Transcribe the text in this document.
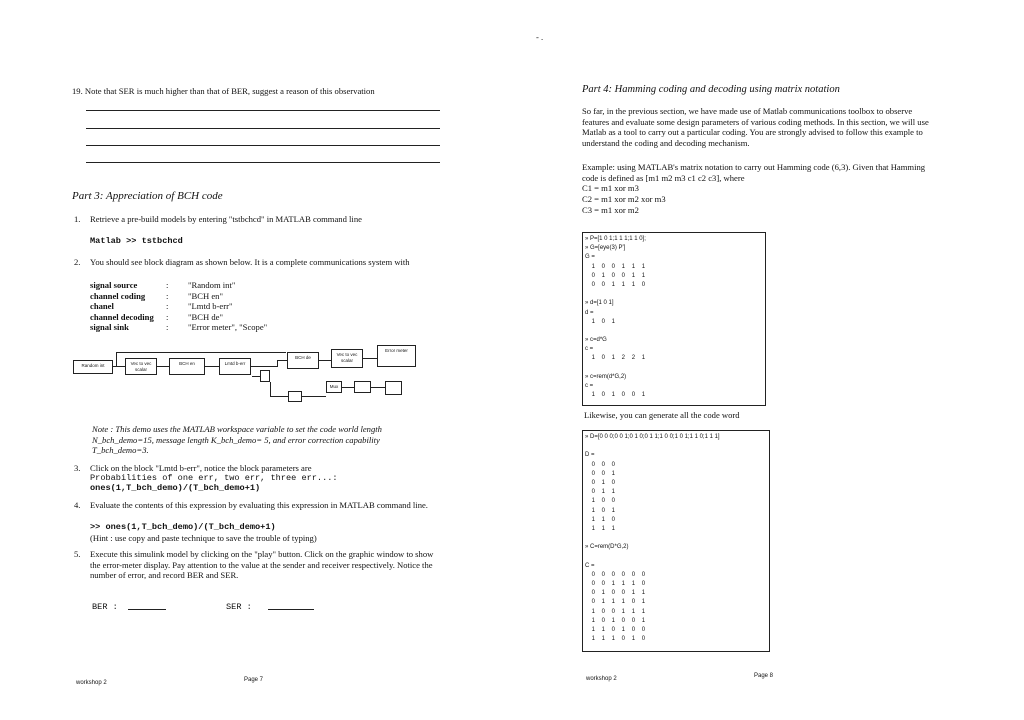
- .
19. Note that SER is much higher than that of BER, suggest a reason of this observation
Part 3: Appreciation of BCH code
1. Retrieve a pre-build models by entering "tstbchcd" in MATLAB command line
Matlab >> tstbchcd
2. You should see block diagram as shown below. It is a complete communications system with
signal source	:	"Random int"
channel coding	:	"BCH en"
chanel	:	"Lmtd b-err"
channel decoding	:	"BCH de"
signal sink	:	"Error meter", "Scope"
Random int	Vec to vec scalar
BCH en	Lmtd b-err
BCH de
Vec to vec scalar
Error meter
Mux
Note : This demo uses the MATLAB workspace variable to set the code world length N_bch_demo=15, message length K_bch_demo= 5, and error correction capability T_bch_demo=3.
3. Click on the block "Lmtd b-err", notice the block parameters are
Probabilities of one err, two err, three err...:
ones(1,T_bch_demo)/(T_bch_demo+1)
4. Evaluate the contents of this expression by evaluating this expression in MATLAB command line.
>> ones(1,T_bch_demo)/(T_bch_demo+1)
(Hint : use copy and paste technique to save the trouble of typing)
5. Execute this simulink model by clicking on the "play" button. Click on the graphic window to show the error-meter display. Pay attention to the value at the sender and receiver respectively. Notice the number of error, and record BER and SER.
BER :	SER :
workshop 2	Page 7
Part 4: Hamming coding and decoding using matrix notation
So far, in the previous section, we have made use of Matlab communications toolbox to observe features and evaluate some design parameters of various coding methods. In this section, we will use Matlab as a tool to carry out a particular coding. You are strongly advised to follow this example to understand the coding and decoding mechanism.
Example: using MATLAB's matrix notation to carry out Hamming code (6,3). Given that Hamming code is defined as [m1 m2 m3 c1 c2 c3], where
C1 = m1 xor m3
C2 = m1 xor m2 xor m3
C3 = m1 xor m2
» P=[1 0 1;1 1 1;1 1 0];
» G=[eye(3) P']
G =
1    0    0    1    1    1
0    1    0    0    1    1
0    0    1    1    1    0
» d=[1 0 1]
d =
1    0    1
» c=d*G
c =
1    0    1    2    2    1
» c=rem(d*G,2)
c =
1    0    1    0    0    1
Likewise, you can generate all the code word
» D=[0 0 0;0 0 1;0 1 0;0 1 1;1 0 0;1 0 1;1 1 0;1 1 1]
D =
0    0    0
0    0    1
0    1    0
0    1    1
1    0    0
1    0    1
1    1    0
1    1    1
» C=rem(D*G,2)
C =
0    0    0    0    0    0
0    0    1    1    1    0
0    1    0    0    1    1
0    1    1    1    0    1
1    0    0    1    1    1
1    0    1    0    0    1
1    1    0    1    0    0
1    1    1    0    1    0
workshop 2	Page 8
